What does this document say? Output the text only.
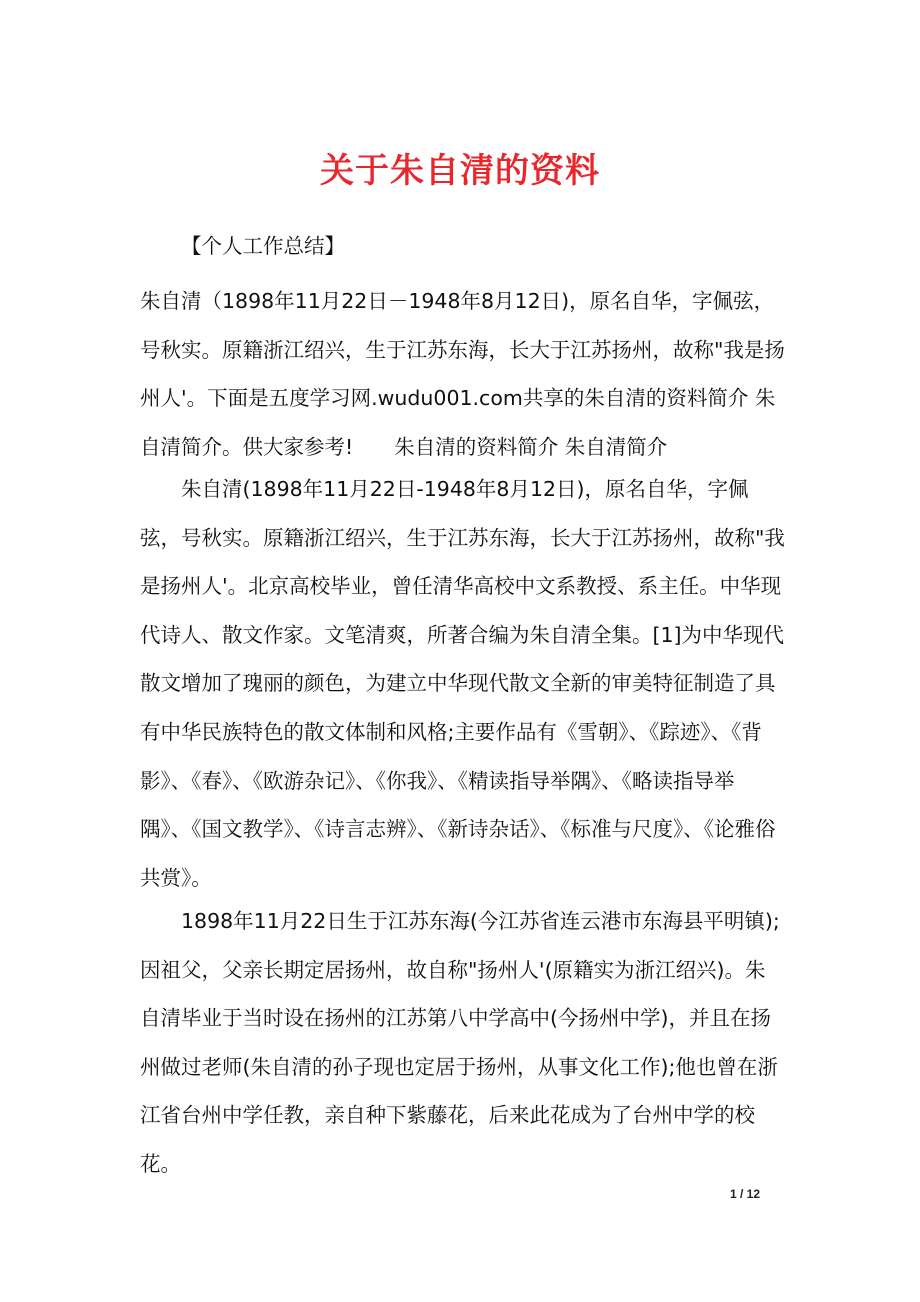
关于朱自清的资料
【个人工作总结】

朱自清（1898年11月22日－1948年8月12日)，原名自华，字佩弦，号秋实。原籍浙江绍兴，生于江苏东海，长大于江苏扬州，故称"我是扬州人'。下面是五度学习网.wudu001.com共享的朱自清的资料简介 朱自清简介。供大家参考!　　朱自清的资料简介 朱自清简介

朱自清(1898年11月22日-1948年8月12日)，原名自华，字佩弦，号秋实。原籍浙江绍兴，生于江苏东海，长大于江苏扬州，故称"我是扬州人'。北京高校毕业，曾任清华高校中文系教授、系主任。中华现代诗人、散文作家。文笔清爽，所著合编为朱自清全集。[1]为中华现代散文增加了瑰丽的颜色，为建立中华现代散文全新的审美特征制造了具有中华民族特色的散文体制和风格;主要作品有《雪朝》、《踪迹》、《背影》、《春》、《欧游杂记》、《你我》、《精读指导举隅》、《略读指导举隅》、《国文教学》、《诗言志辨》、《新诗杂话》、《标准与尺度》、《论雅俗共赏》。

1898年11月22日生于江苏东海(今江苏省连云港市东海县平明镇);因祖父，父亲长期定居扬州，故自称"扬州人'(原籍实为浙江绍兴)。朱自清毕业于当时设在扬州的江苏第八中学高中(今扬州中学)，并且在扬州做过老师(朱自清的孙子现也定居于扬州，从事文化工作);他也曾在浙江省台州中学任教，亲自种下紫藤花，后来此花成为了台州中学的校花。

1 / 12
